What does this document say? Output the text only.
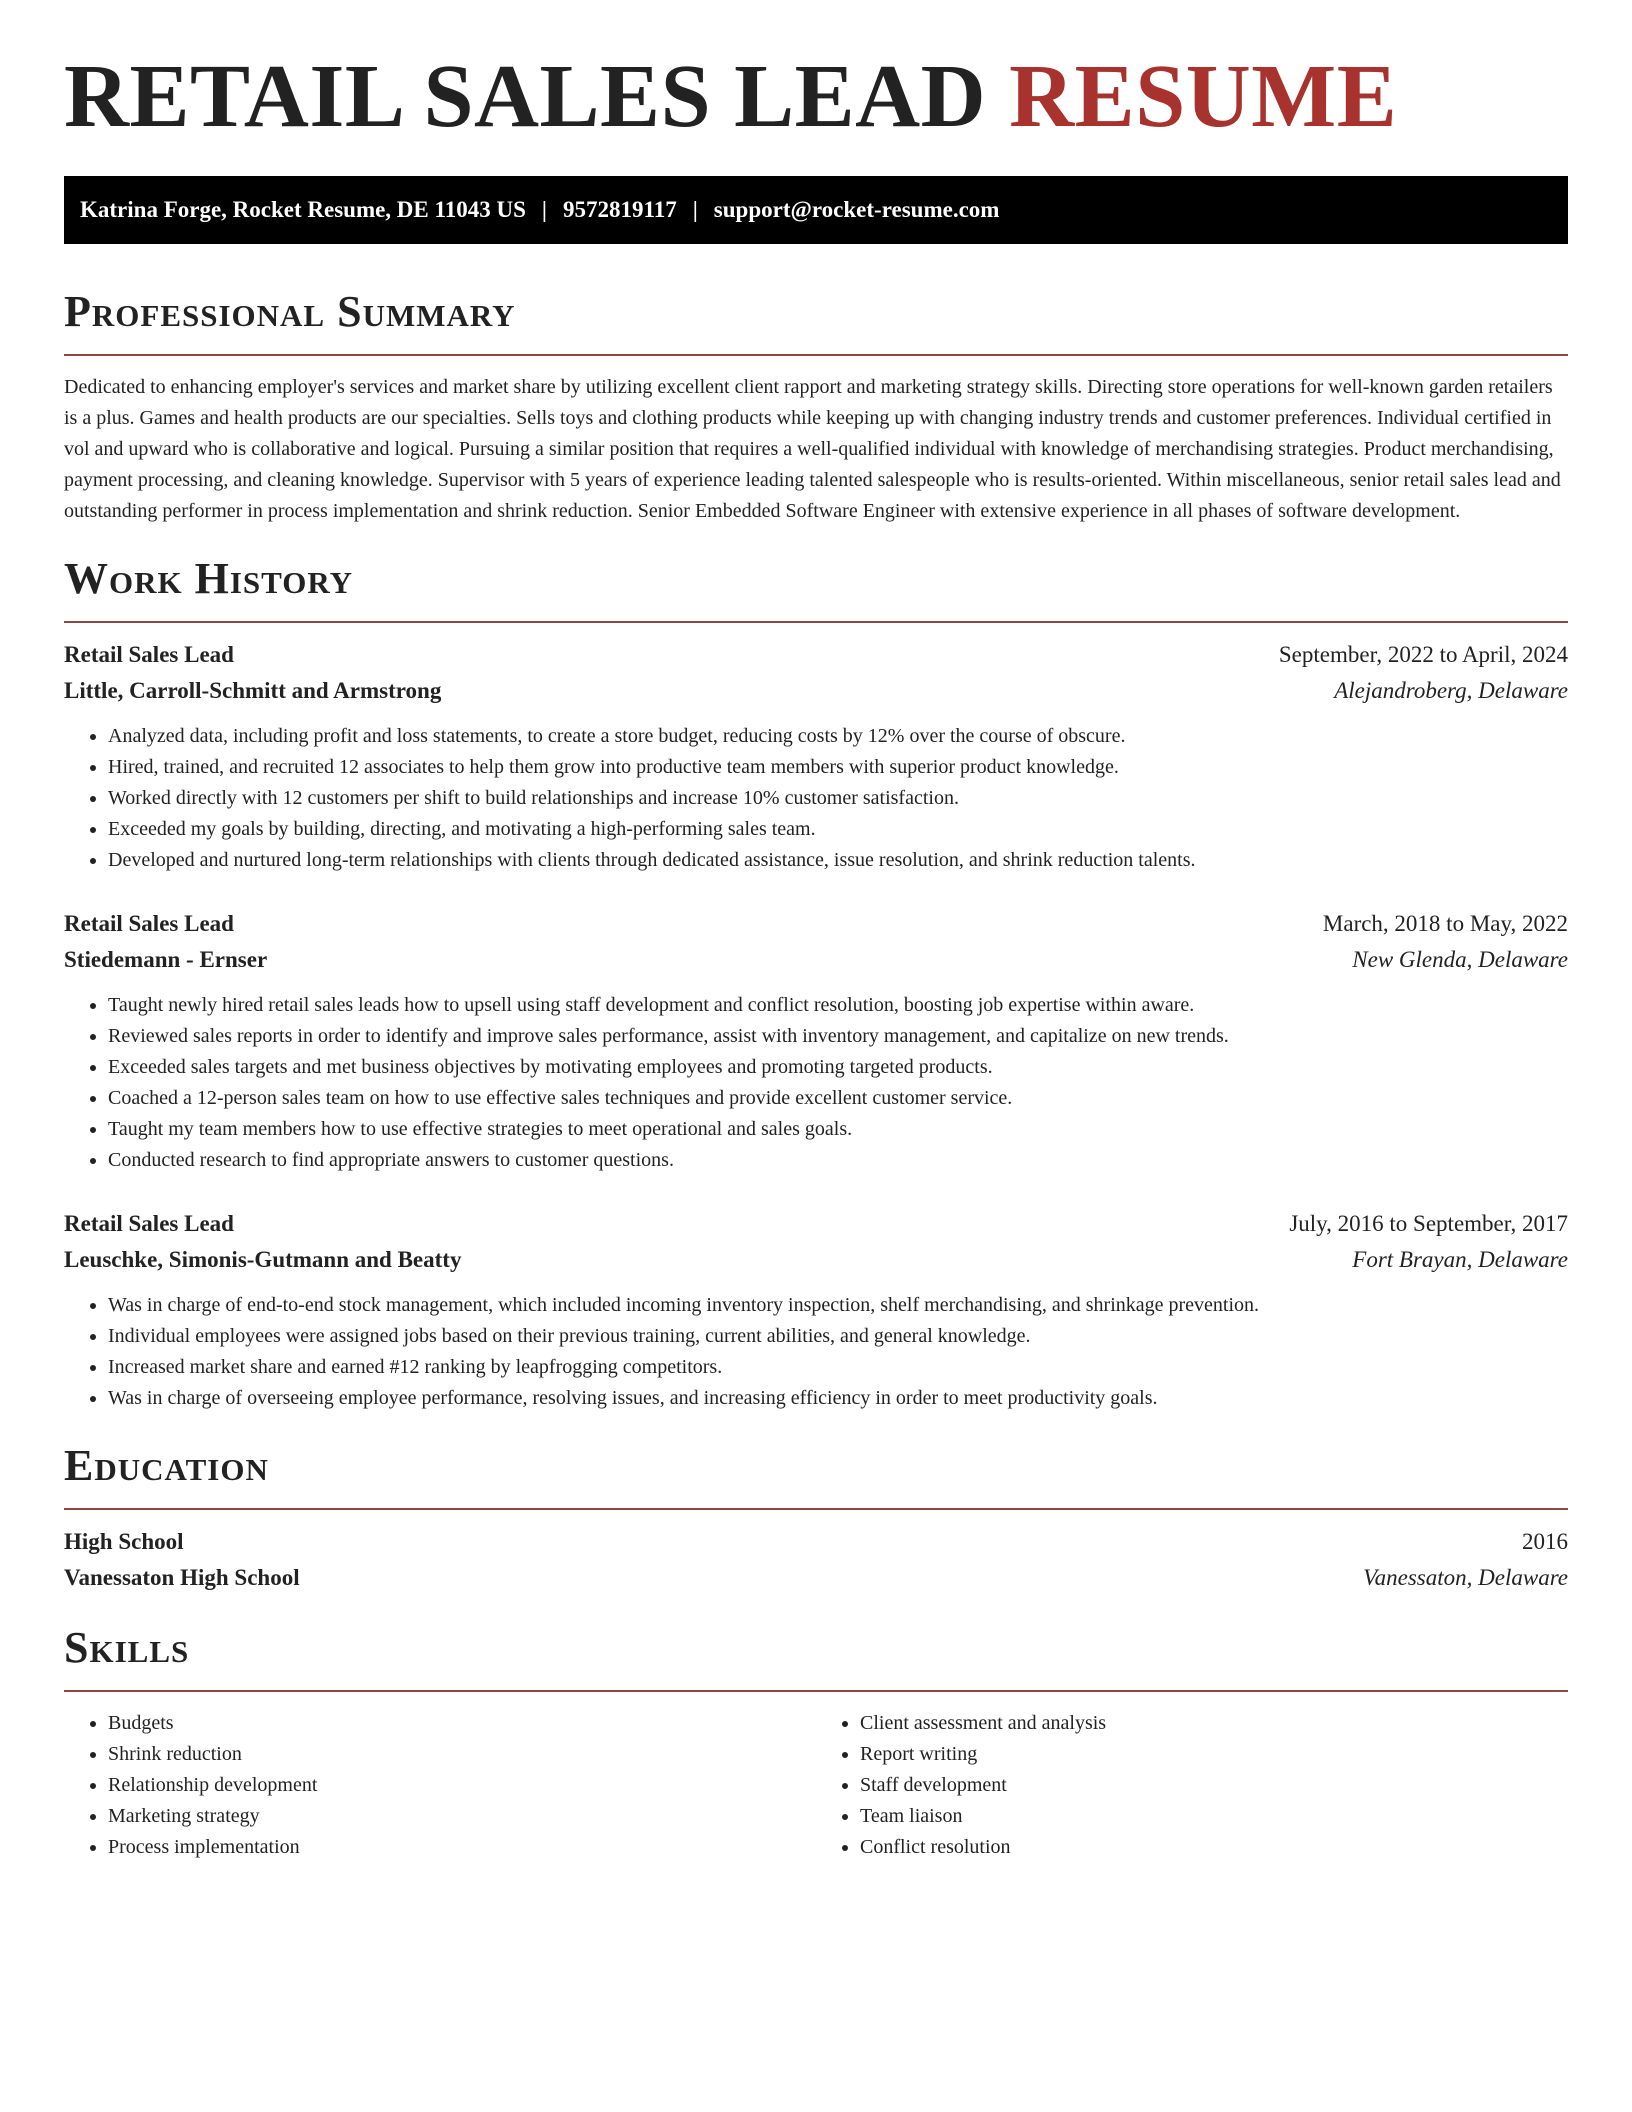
RETAIL SALES LEAD RESUME
Katrina Forge, Rocket Resume, DE 11043 US | 9572819117 | support@rocket-resume.com
Professional Summary

Dedicated to enhancing employer's services and market share by utilizing excellent client rapport and marketing strategy skills. Directing store operations for well-known garden retailers is a plus. Games and health products are our specialties. Sells toys and clothing products while keeping up with changing industry trends and customer preferences. Individual certified in vol and upward who is collaborative and logical. Pursuing a similar position that requires a well-qualified individual with knowledge of merchandising strategies. Product merchandising, payment processing, and cleaning knowledge. Supervisor with 5 years of experience leading talented salespeople who is results-oriented. Within miscellaneous, senior retail sales lead and outstanding performer in process implementation and shrink reduction. Senior Embedded Software Engineer with extensive experience in all phases of software development.

Work History
Retail Sales Lead	September, 2022 to April, 2024
Little, Carroll-Schmitt and Armstrong	Alejandroberg, Delaware
• Analyzed data, including profit and loss statements, to create a store budget, reducing costs by 12% over the course of obscure.
• Hired, trained, and recruited 12 associates to help them grow into productive team members with superior product knowledge.
• Worked directly with 12 customers per shift to build relationships and increase 10% customer satisfaction.
• Exceeded my goals by building, directing, and motivating a high-performing sales team.
• Developed and nurtured long-term relationships with clients through dedicated assistance, issue resolution, and shrink reduction talents.
Retail Sales Lead	March, 2018 to May, 2022
Stiedemann - Ernser	New Glenda, Delaware
• Taught newly hired retail sales leads how to upsell using staff development and conflict resolution, boosting job expertise within aware.
• Reviewed sales reports in order to identify and improve sales performance, assist with inventory management, and capitalize on new trends.
• Exceeded sales targets and met business objectives by motivating employees and promoting targeted products.
• Coached a 12-person sales team on how to use effective sales techniques and provide excellent customer service.
• Taught my team members how to use effective strategies to meet operational and sales goals.
• Conducted research to find appropriate answers to customer questions.
Retail Sales Lead	July, 2016 to September, 2017
Leuschke, Simonis-Gutmann and Beatty	Fort Brayan, Delaware
• Was in charge of end-to-end stock management, which included incoming inventory inspection, shelf merchandising, and shrinkage prevention.
• Individual employees were assigned jobs based on their previous training, current abilities, and general knowledge.
• Increased market share and earned #12 ranking by leapfrogging competitors.
• Was in charge of overseeing employee performance, resolving issues, and increasing efficiency in order to meet productivity goals.
Education
High School	2016
Vanessaton High School	Vanessaton, Delaware
Skills
• Budgets
• Shrink reduction
• Relationship development
• Marketing strategy
• Process implementation
• Client assessment and analysis
• Report writing
• Staff development
• Team liaison
• Conflict resolution
